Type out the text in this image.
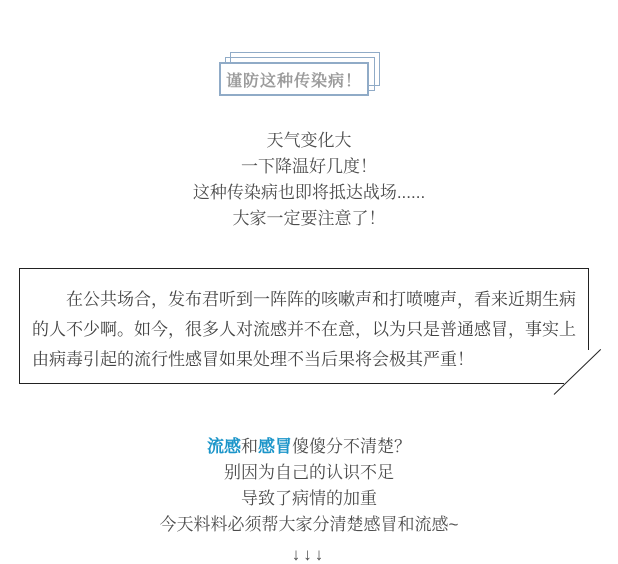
谨防这种传染病！
天气变化大
一下降温好几度！
这种传染病也即将抵达战场......
大家一定要注意了！

在公共场合，发布君听到一阵阵的咳嗽声和打喷嚏声，看来近期生病的人不少啊。如今，很多人对流感并不在意，以为只是普通感冒，事实上由病毒引起的流行性感冒如果处理不当后果将会极其严重！

流感和感冒傻傻分不清楚？
别因为自己的认识不足
导致了病情的加重
今天料料必须帮大家分清楚感冒和流感~
↓↓↓
